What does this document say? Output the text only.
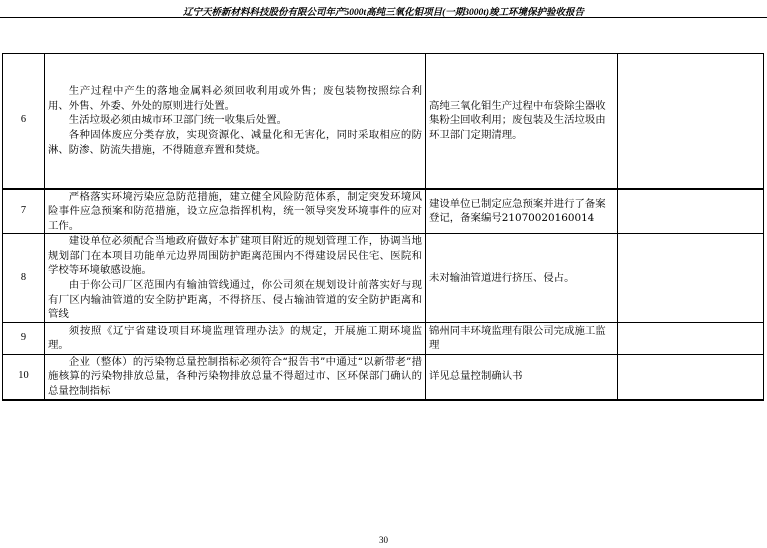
辽宁天桥新材料科技股份有限公司年产5000t高纯三氧化钼项目(一期3000t)竣工环境保护验收报告
6	生产过程中产生的落地金属料必须回收利用或外售；废包装物按照综合利用、外售、外委、外处的原则进行处置。

生活垃圾必须由城市环卫部门统一收集后处置。

各种固体废应分类存放，实现资源化、减量化和无害化，同时采取相应的防淋、防渗、防流失措施，不得随意弃置和焚烧。	高纯三氧化钼生产过程中布袋除尘器收集粉尘回收利用；废包装及生活垃圾由环卫部门定期清理。	
7	严格落实环境污染应急防范措施，建立健全风险防范体系，制定突发环境风险事件应急预案和防范措施，设立应急指挥机构，统一领导突发环境事件的应对工作。	建设单位已制定应急预案并进行了备案登记，备案编号21070020160014	
8	建设单位必须配合当地政府做好本扩建项目附近的规划管理工作，协调当地规划部门在本项目功能单元边界周围防护距离范围内不得建设居民住宅、医院和学校等环境敏感设施。

由于你公司厂区范围内有输油管线通过，你公司须在规划设计前落实好与现有厂区内输油管道的安全防护距离，不得挤压、侵占输油管道的安全防护距离和管线	未对输油管道进行挤压、侵占。	
9	须按照《辽宁省建设项目环境监理管理办法》的规定，开展施工期环境监理。	锦州同丰环境监理有限公司完成施工监理	
10	企业（整体）的污染物总量控制指标必须符合“报告书”中通过“以新带老”措施核算的污染物排放总量，各种污染物排放总量不得超过市、区环保部门确认的总量控制指标	详见总量控制确认书	
30
